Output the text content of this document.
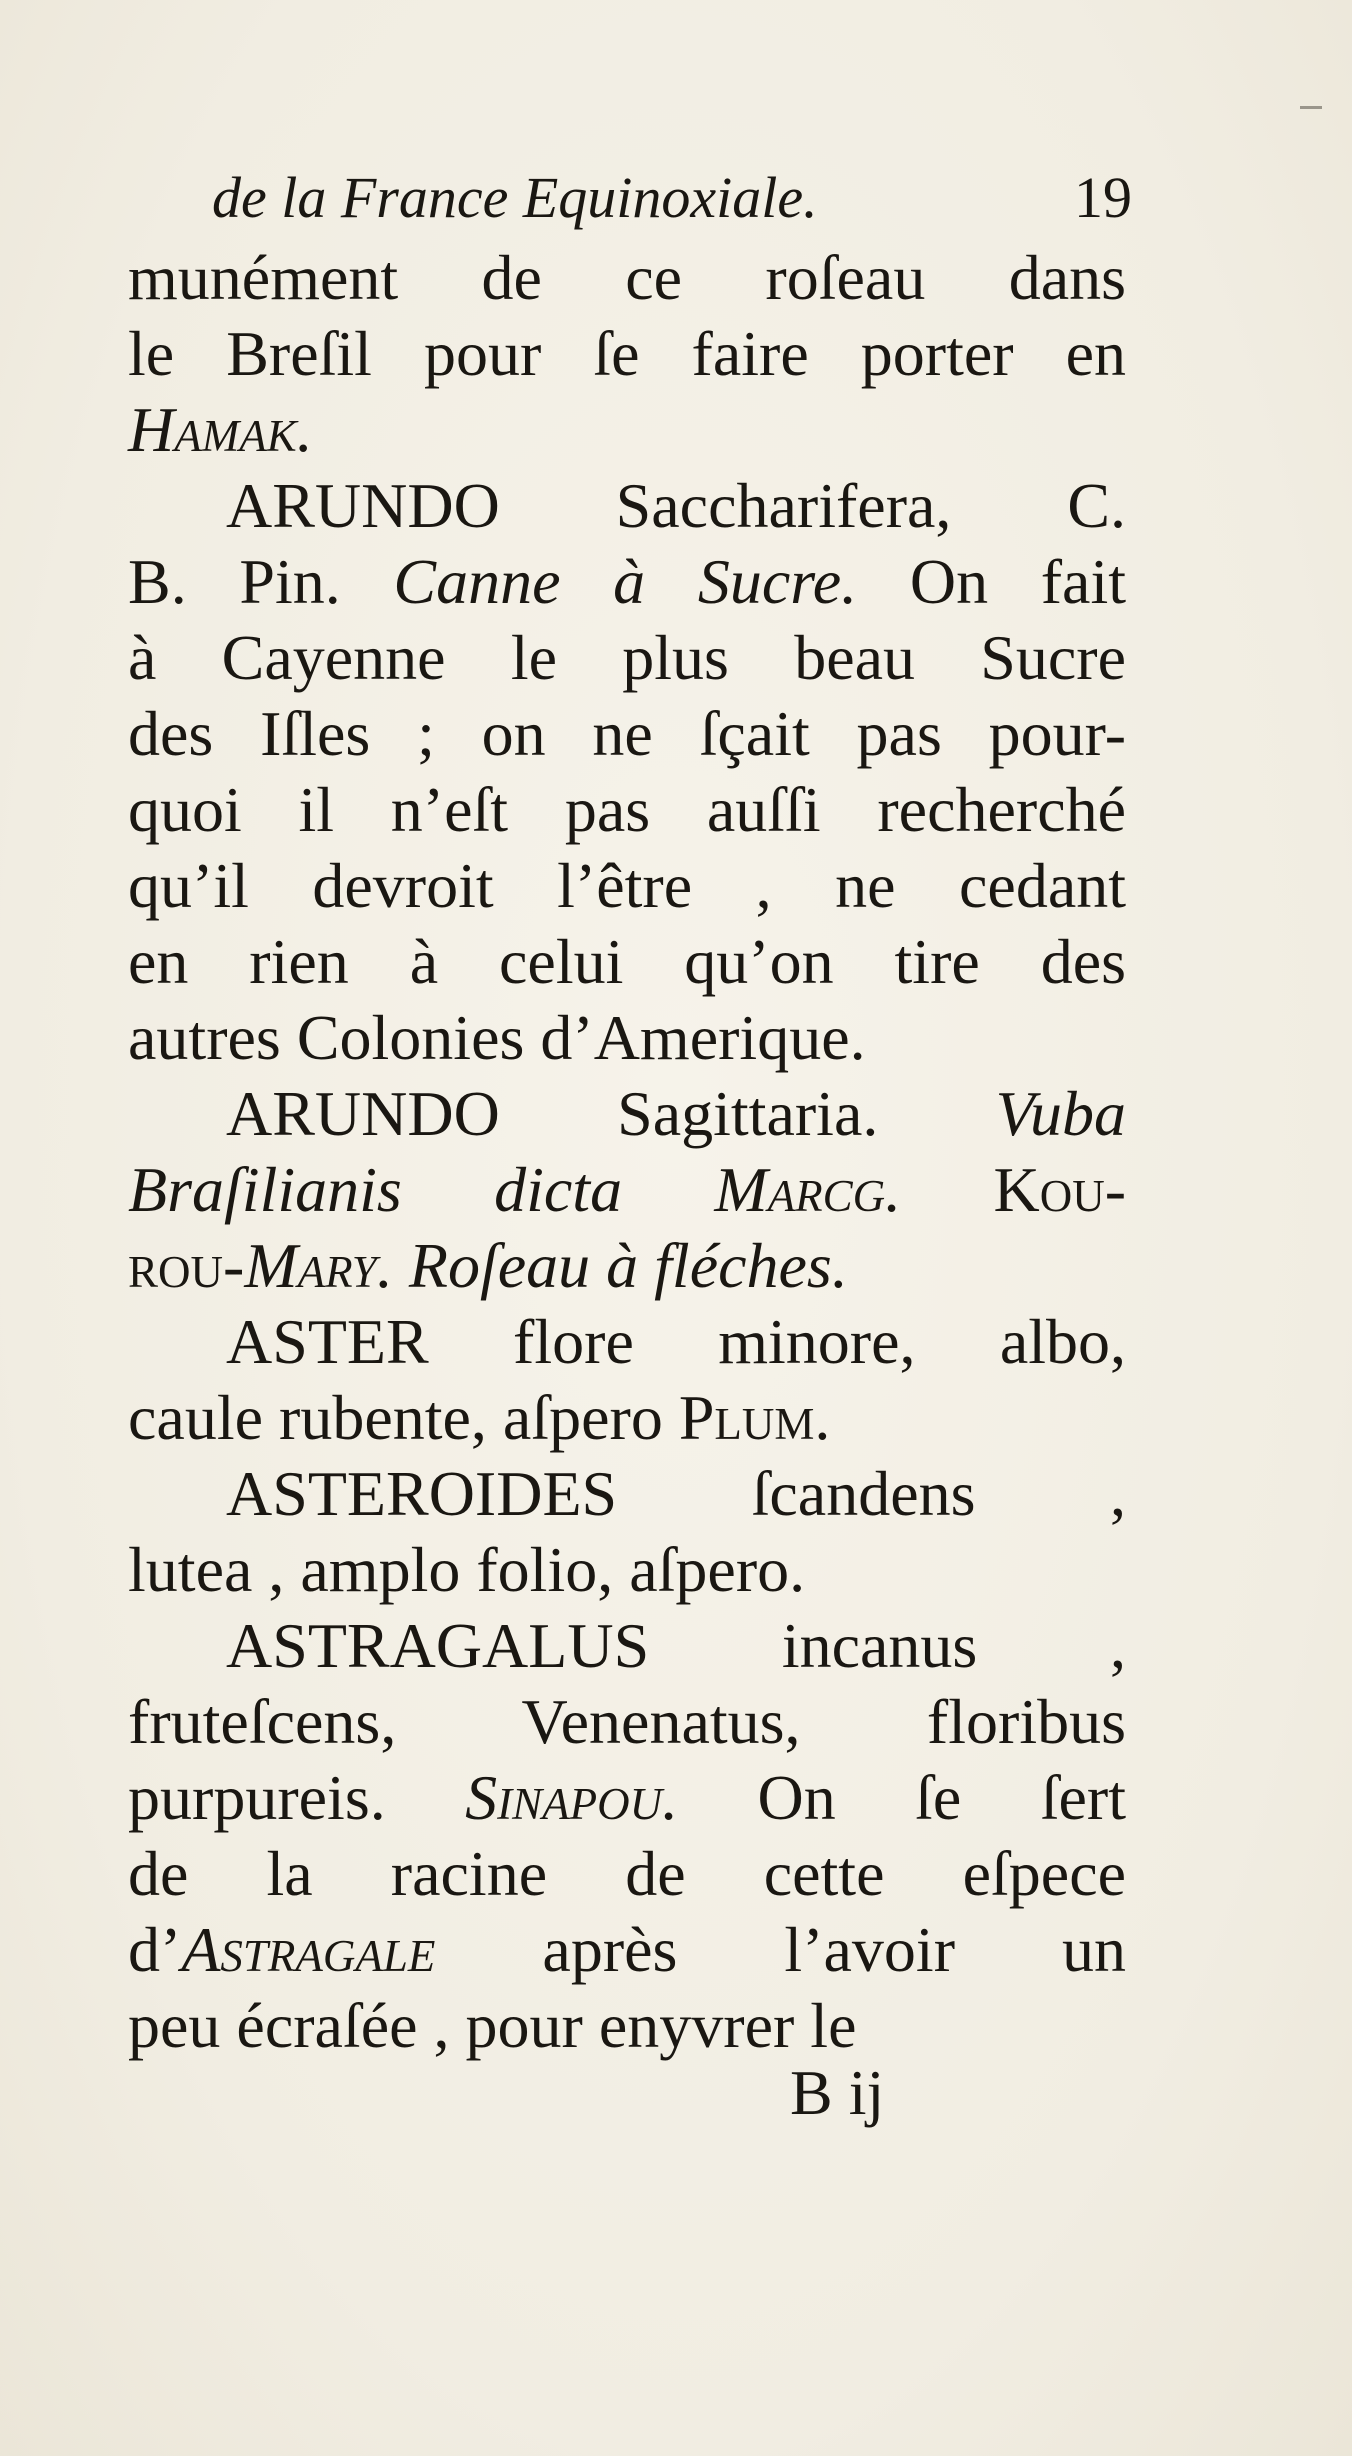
de la France Equinoxiale.	19
munément de ce roſeau dans
le Breſil pour ſe faire porter en
Hamak.
ARUNDO Saccharifera, C.
B. Pin. Canne à Sucre. On fait
à Cayenne le plus beau Sucre
des Iſles ; on ne ſçait pas pour-
quoi il n’eſt pas auſſi recherché
qu’il devroit l’être , ne cedant
en rien à celui qu’on tire des
autres Colonies d’Amerique.
ARUNDO Sagittaria. Vuba
Braſilianis dicta Marcg. Kou-
rou-Mary. Roſeau à fléches.
ASTER flore minore, albo,
caule rubente, aſpero Plum.
ASTEROIDES ſcandens ,
lutea , amplo folio, aſpero.
ASTRAGALUS incanus ,
fruteſcens, Venenatus, floribus
purpureis. Sinapou. On ſe ſert
de la racine de cette eſpece
d’Astragale après l’avoir un
peu écraſée , pour enyvrer le
B ij
